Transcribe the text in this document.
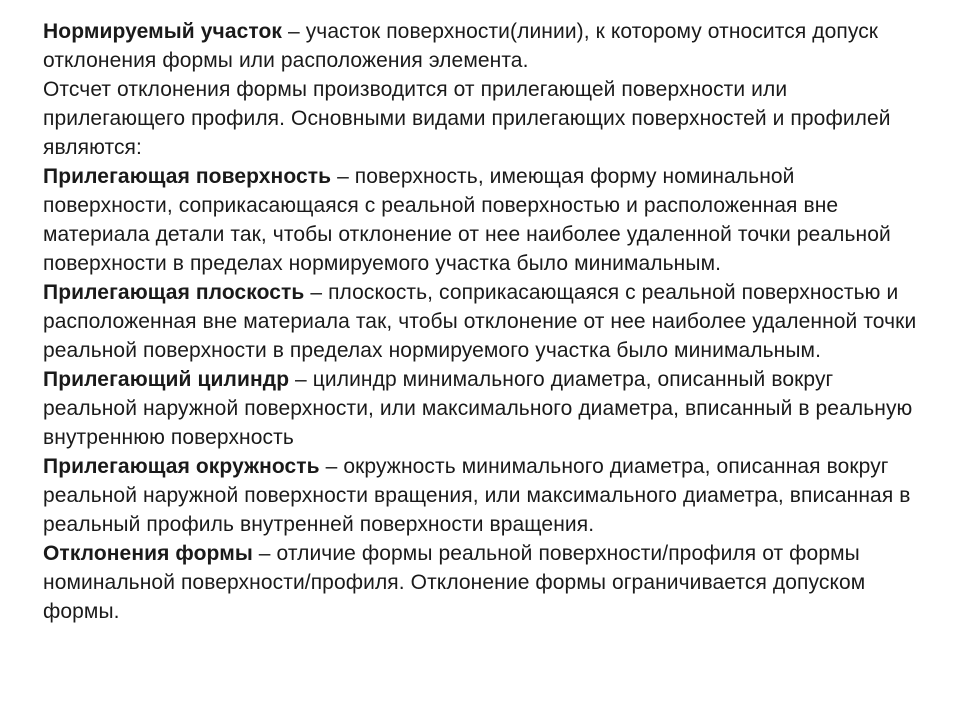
Нормируемый участок – участок поверхности(линии), к которому относится допуск отклонения формы или расположения элемента.

Отсчет отклонения формы производится от прилегающей поверхности или прилегающего профиля. Основными видами прилегающих поверхностей и профилей являются:

Прилегающая поверхность – поверхность, имеющая форму номинальной поверхности, соприкасающаяся с реальной поверхностью и расположенная вне материала детали так, чтобы отклонение от нее наиболее удаленной точки реальной поверхности в пределах нормируемого участка было минимальным.

Прилегающая плоскость – плоскость, соприкасающаяся с реальной поверхностью и расположенная вне материала так, чтобы отклонение от нее наиболее удаленной точки реальной поверхности в пределах нормируемого участка было минимальным.

Прилегающий цилиндр – цилиндр минимального диаметра, описанный вокруг реальной наружной поверхности, или максимального диаметра, вписанный в реальную внутреннюю поверхность

Прилегающая окружность – окружность минимального диаметра, описанная вокруг реальной наружной поверхности вращения, или максимального диаметра, вписанная в реальный профиль внутренней поверхности вращения.

Отклонения формы – отличие формы реальной поверхности/профиля от формы номинальной поверхности/профиля. Отклонение формы ограничивается допуском формы.
